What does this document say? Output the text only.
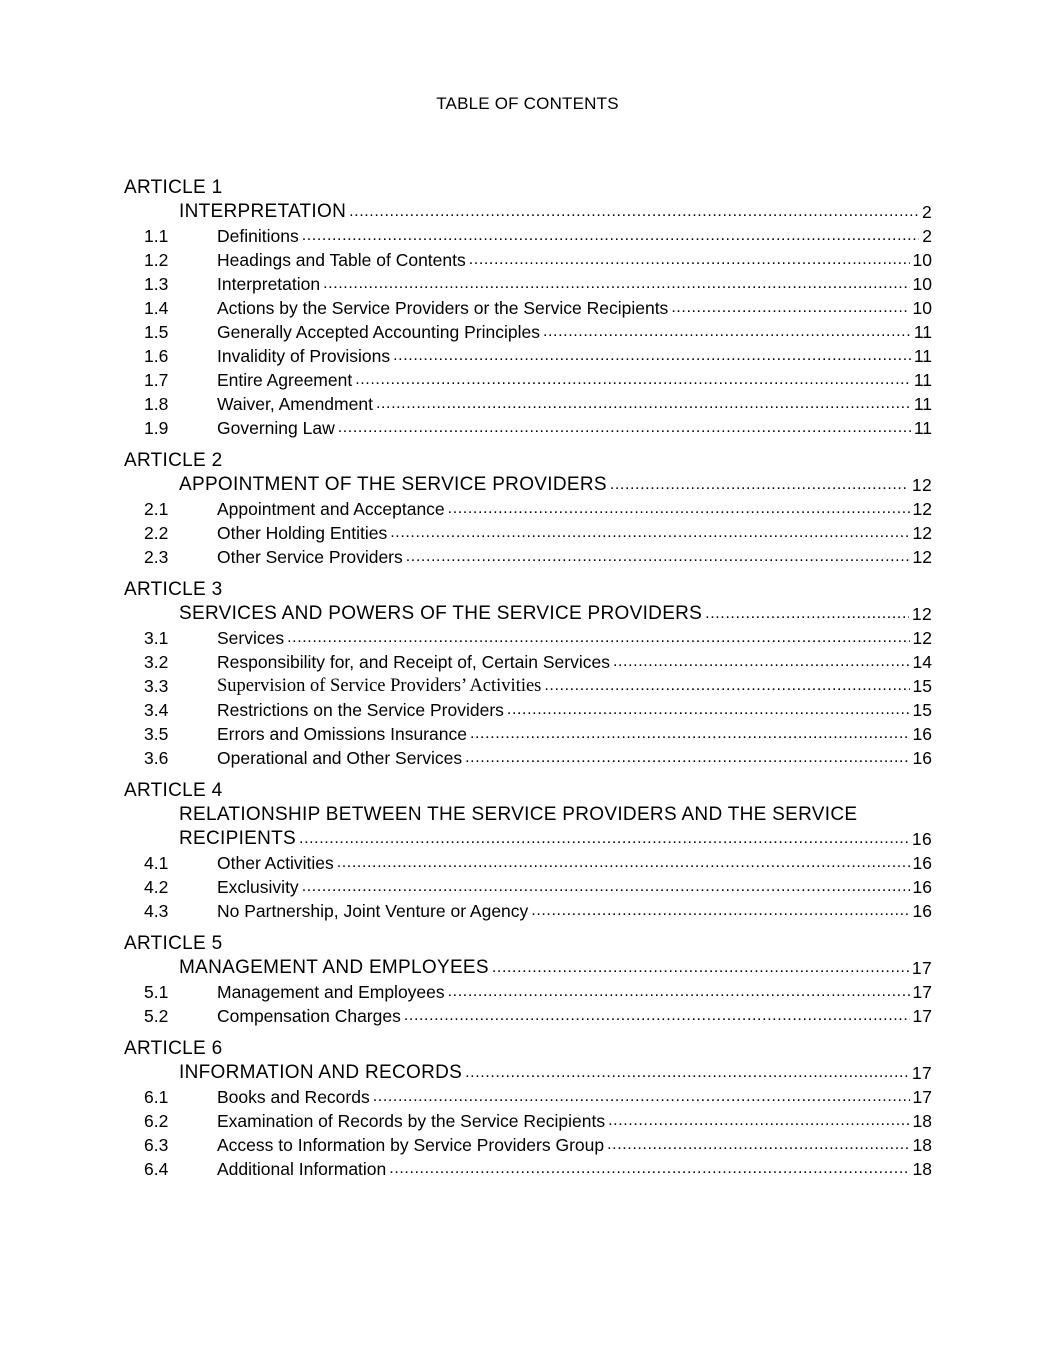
TABLE OF CONTENTS
ARTICLE 1
INTERPRETATION .....	2
1.1	Definitions .....	2
1.2	Headings and Table of Contents .....	10
1.3	Interpretation .....	10
1.4	Actions by the Service Providers or the Service Recipients .....	10
1.5	Generally Accepted Accounting Principles .....	11
1.6	Invalidity of Provisions .....	11
1.7	Entire Agreement .....	11
1.8	Waiver, Amendment .....	11
1.9	Governing Law .....	11
ARTICLE 2
APPOINTMENT OF THE SERVICE PROVIDERS .....	12
2.1	Appointment and Acceptance .....	12
2.2	Other Holding Entities .....	12
2.3	Other Service Providers .....	12
ARTICLE 3
SERVICES AND POWERS OF THE SERVICE PROVIDERS .....	12
3.1	Services .....	12
3.2	Responsibility for, and Receipt of, Certain Services .....	14
3.3	Supervision of Service Providers’ Activities .....	15
3.4	Restrictions on the Service Providers .....	15
3.5	Errors and Omissions Insurance .....	16
3.6	Operational and Other Services .....	16
ARTICLE 4
RELATIONSHIP BETWEEN THE SERVICE PROVIDERS AND THE SERVICE
RECIPIENTS .....	16
4.1	Other Activities .....	16
4.2	Exclusivity .....	16
4.3	No Partnership, Joint Venture or Agency .....	16
ARTICLE 5
MANAGEMENT AND EMPLOYEES .....	17
5.1	Management and Employees .....	17
5.2	Compensation Charges .....	17
ARTICLE 6
INFORMATION AND RECORDS .....	17
6.1	Books and Records .....	17
6.2	Examination of Records by the Service Recipients .....	18
6.3	Access to Information by Service Providers Group .....	18
6.4	Additional Information .....	18
